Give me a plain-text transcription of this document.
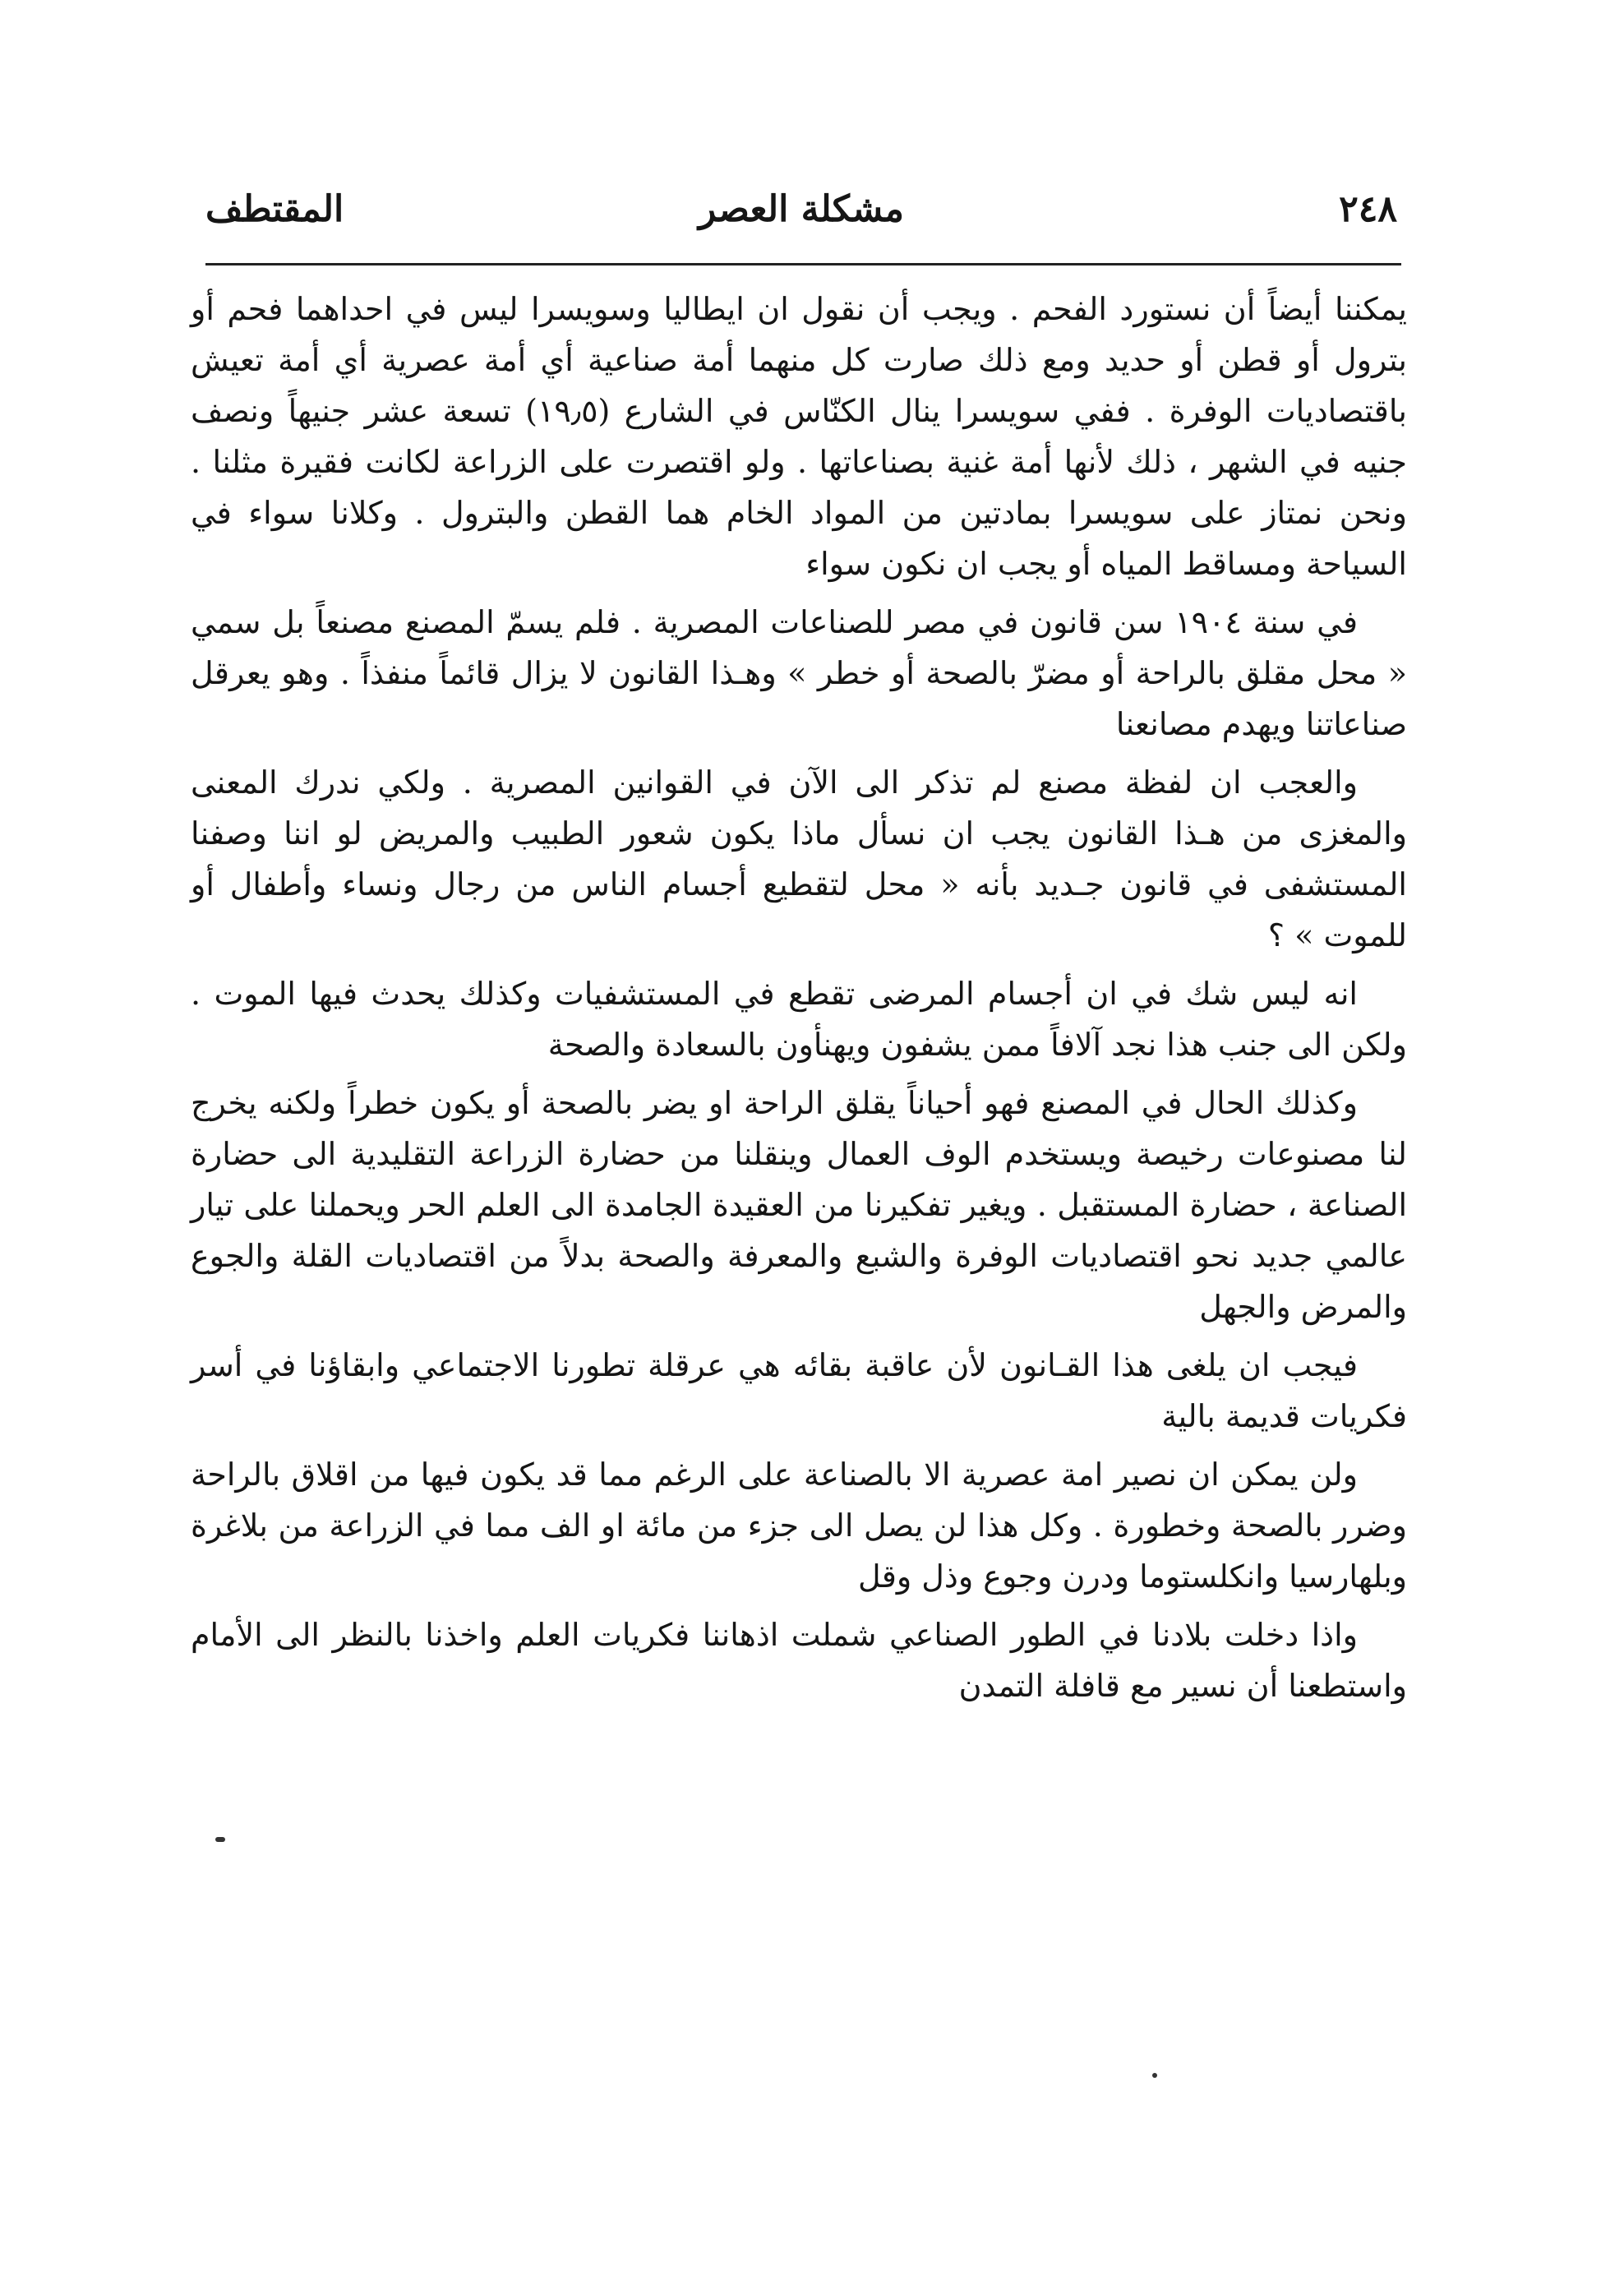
٢٤٨
مشكلة العصر
المقتطف

يمكننا أيضاً أن نستورد الفحم . ويجب أن نقول ان ايطاليا وسويسرا ليس في احداهما فحم أو بترول أو قطن أو حديد ومع ذلك صارت كل منهما أمة صناعية أي أمة عصرية أي أمة تعيش باقتصاديات الوفرة . ففي سويسرا ينال الكنّاس في الشارع (١٩٫٥) تسعة عشر جنيهاً ونصف جنيه في الشهر ، ذلك لأنها أمة غنية بصناعاتها . ولو اقتصرت على الزراعة لكانت فقيرة مثلنا . ونحن نمتاز على سويسرا بمادتين من المواد الخام هما القطن والبترول . وكلانا سواء في السياحة ومساقط المياه أو يجب ان نكون سواء

في سنة ١٩٠٤ سن قانون في مصر للصناعات المصرية . فلم يسمّ المصنع مصنعاً بل سمي « محل مقلق بالراحة أو مضرّ بالصحة أو خطر » وهـذا القانون لا يزال قائماً منفذاً . وهو يعرقل صناعاتنا ويهدم مصانعنا

والعجب ان لفظة مصنع لم تذكر الى الآن في القوانين المصرية . ولكي ندرك المعنى والمغزى من هـذا القانون يجب ان نسأل ماذا يكون شعور الطبيب والمريض لو اننا وصفنا المستشفى في قانون جـديد بأنه « محل لتقطيع أجسام الناس من رجال ونساء وأطفال أو للموت » ؟

انه ليس شك في ان أجسام المرضى تقطع في المستشفيات وكذلك يحدث فيها الموت . ولكن الى جنب هذا نجد آلافاً ممن يشفون ويهنأون بالسعادة والصحة

وكذلك الحال في المصنع فهو أحياناً يقلق الراحة او يضر بالصحة أو يكون خطراً ولكنه يخرج لنا مصنوعات رخيصة ويستخدم الوف العمال وينقلنا من حضارة الزراعة التقليدية الى حضارة الصناعة ، حضارة المستقبل . ويغير تفكيرنا من العقيدة الجامدة الى العلم الحر ويحملنا على تيار عالمي جديد نحو اقتصاديات الوفرة والشبع والمعرفة والصحة بدلاً من اقتصاديات القلة والجوع والمرض والجهل

فيجب ان يلغى هذا القـانون لأن عاقبة بقائه هي عرقلة تطورنا الاجتماعي وابقاؤنا في أسر فكريات قديمة بالية

ولن يمكن ان نصير امة عصرية الا بالصناعة على الرغم مما قد يكون فيها من اقلاق بالراحة وضرر بالصحة وخطورة . وكل هذا لن يصل الى جزء من مائة او الف مما في الزراعة من بلاغرة وبلهارسيا وانكلستوما ودرن وجوع وذل وقل

واذا دخلت بلادنا في الطور الصناعي شملت اذهاننا فكريات العلم واخذنا بالنظر الى الأمام واستطعنا أن نسير مع قافلة التمدن
